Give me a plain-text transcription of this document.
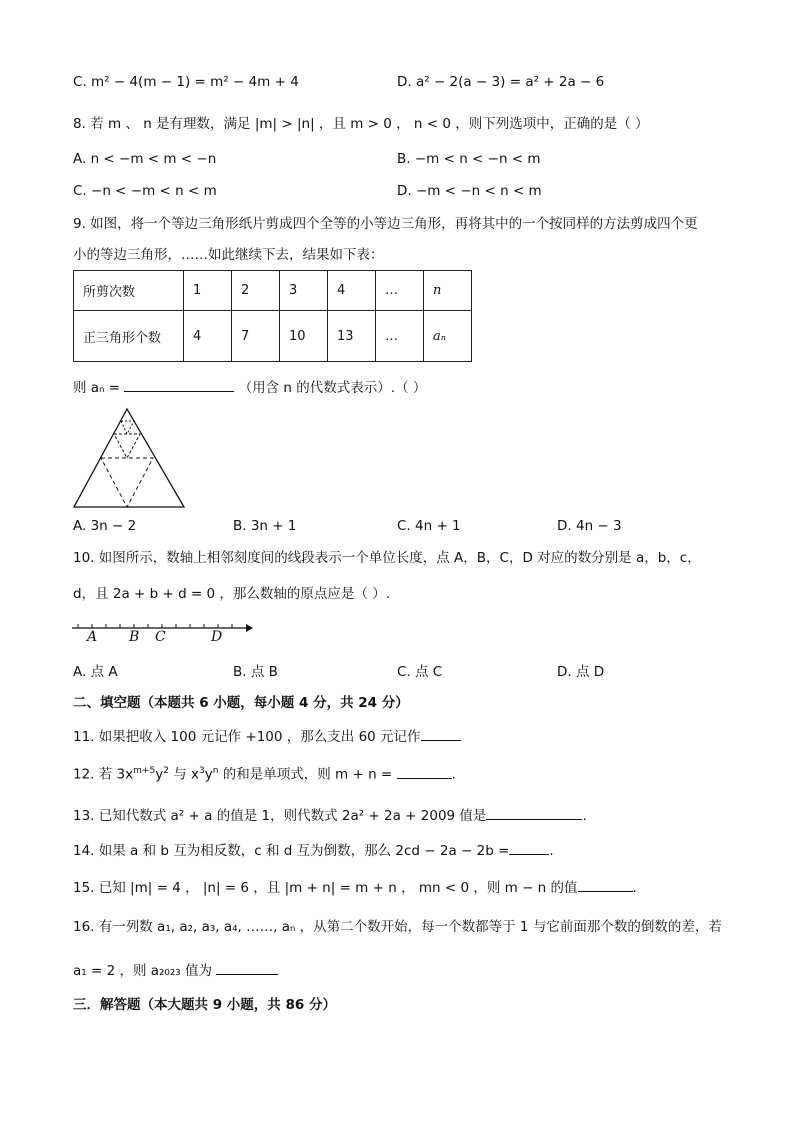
C. m² − 4(m − 1) = m² − 4m + 4	D. a² − 2(a − 3) = a² + 2a − 6
8. 若 m 、 n 是有理数，满足 |m| > |n| ，且 m > 0 ， n < 0 ，则下列选项中，正确的是（ ）
A. n < −m < m < −n	B. −m < n < −n < m
C. −n < −m < n < m	D. −m < −n < n < m
9. 如图，将一个等边三角形纸片剪成四个全等的小等边三角形，再将其中的一个按同样的方法剪成四个更
小的等边三角形，……如此继续下去，结果如下表：
所剪次数	1	2	3	4	…	n
正三角形个数	4	7	10	13	…	aₙ
则 aₙ =	（用含 n 的代数式表示）.（ ）
A. 3n − 2	B. 3n + 1	C. 4n + 1	D. 4n − 3
10. 如图所示，数轴上相邻刻度间的线段表示一个单位长度，点 A，B，C，D 对应的数分别是 a，b，c，
d，且 2a + b + d = 0 ，那么数轴的原点应是（ ）.
A B C	D
A. 点 A	B. 点 B	C. 点 C	D. 点 D
二、填空题（本题共 6 小题，每小题 4 分，共 24 分）
11. 如果把收入 100 元记作 +100 ，那么支出 60 元记作
12. 若 $3x^{m+5}y^2$ 与 $x^3y^n$ 的和是单项式，则 m + n =	.
13. 已知代数式 a² + a 的值是 1，则代数式 2a² + 2a + 2009 值是	.
14. 如果 a 和 b 互为相反数，c 和 d 互为倒数，那么 2cd − 2a − 2b =	.
15. 已知 |m| = 4 ， |n| = 6 ，且 |m + n| = m + n ， mn < 0 ，则 m − n 的值	.
16. 有一列数 a₁, a₂, a₃, a₄, ……, aₙ ，从第二个数开始，每一个数都等于 1 与它前面那个数的倒数的差，若
a₁ = 2 ，则 a₂₀₂₃ 值为
三．解答题（本大题共 9 小题，共 86 分）
